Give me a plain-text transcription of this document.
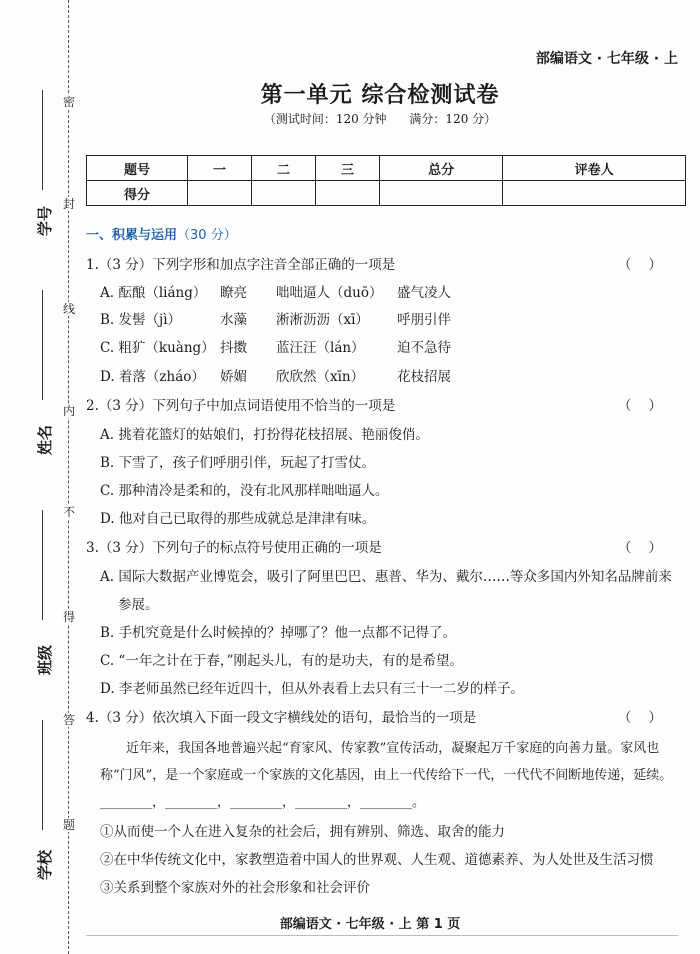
密
封
线
内
不
得
答
题
学号
姓名
班级
学校
部编语文 · 七年级 · 上
第一单元 综合检测试卷
（测试时间：120 分钟      满分：120 分）
题号	一	二	三	总分	评卷人
得分					
一、积累与运用（30 分）
1.（3 分）下列字形和加点字注音全部正确的一项是	（    ）
A. 酝酿（liáng） 瞭亮 咄咄逼人（duō） 盛气凌人
B. 发髻（jì）	水藻 淅淅沥沥（xī） 呼朋引伴
C. 粗犷（kuàng） 抖擞 蓝汪汪（lán） 迫不急待
D. 着落（zháo） 娇媚 欣欣然（xīn） 花枝招展
2.（3 分）下列句子中加点词语使用不恰当的一项是	（    ）
A. 挑着花篮灯的姑娘们，打扮得花枝招展、艳丽俊俏。
B. 下雪了，孩子们呼朋引伴，玩起了打雪仗。
C. 那种清冷是柔和的，没有北风那样咄咄逼人。
D. 他对自己已取得的那些成就总是津津有味。
3.（3 分）下列句子的标点符号使用正确的一项是	（    ）
A. 国际大数据产业博览会，吸引了阿里巴巴、惠普、华为、戴尔……等众多国内外知名品牌前来
参展。
B. 手机究竟是什么时候掉的？掉哪了？他一点都不记得了。
C. “一年之计在于春，”刚起头儿，有的是功夫，有的是希望。
D. 李老师虽然已经年近四十，但从外表看上去只有三十一二岁的样子。
4.（3 分）依次填入下面一段文字横线处的语句，最恰当的一项是	（    ）
近年来，我国各地普遍兴起“育家风、传家教”宣传活动，凝聚起万千家庭的向善力量。家风也称“门风”，是一个家庭或一个家族的文化基因，由上一代传给下一代，一代代不间断地传递，延续。________，________，________，________，________。
①从而使一个人在进入复杂的社会后，拥有辨别、筛选、取舍的能力
②在中华传统文化中，家教塑造着中国人的世界观、人生观、道德素养、为人处世及生活习惯
③关系到整个家族对外的社会形象和社会评价
部编语文 · 七年级 · 上 第 1 页
